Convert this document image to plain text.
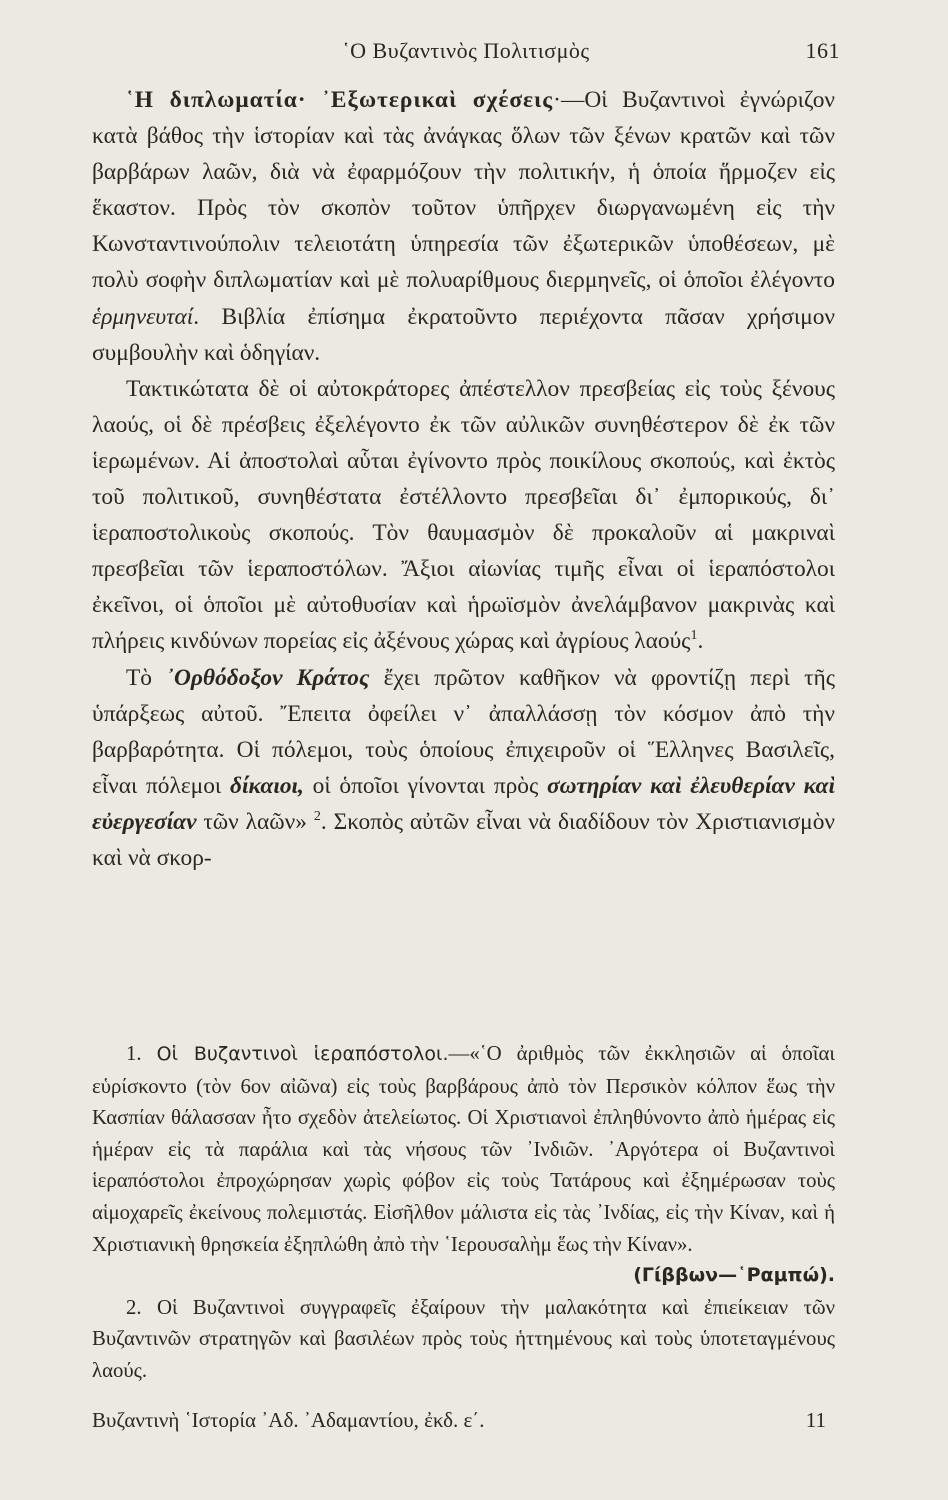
῾Ο Βυζαντινὸς Πολιτισμὸς	161

῾Η διπλωματία· ᾿Εξωτερικαὶ σχέσεις·—Οἱ Βυζαντινοὶ ἐγνώριζον κατὰ βάθος τὴν ἱστορίαν καὶ τὰς ἀνάγκας ὅλων τῶν ξένων κρατῶν καὶ τῶν βαρβάρων λαῶν, διὰ νὰ ἐφαρμόζουν τὴν πολιτικήν, ἡ ὁποία ἥρμοζεν εἰς ἕκαστον. Πρὸς τὸν σκοπὸν τοῦτον ὑπῆρχεν διωργανωμένη εἰς τὴν Κωνσταντινούπολιν τελειοτάτη ὑπηρεσία τῶν ἐξωτερικῶν ὑποθέσεων, μὲ πολὺ σοφὴν διπλωματίαν καὶ μὲ πολυαρίθμους διερμηνεῖς, οἱ ὁποῖοι ἐλέγοντο ἑρμηνευταί. Βιβλία ἐπίσημα ἐκρατοῦντο περιέχοντα πᾶσαν χρήσιμον συμβουλὴν καὶ ὁδηγίαν.

Τακτικώτατα δὲ οἱ αὐτοκράτορες ἀπέστελλον πρεσβείας εἰς τοὺς ξένους λαούς, οἱ δὲ πρέσβεις ἐξελέγοντο ἐκ τῶν αὐλικῶν συνηθέστερον δὲ ἐκ τῶν ἱερωμένων. Αἱ ἀποστολαὶ αὗται ἐγίνοντο πρὸς ποικίλους σκοπούς, καὶ ἐκτὸς τοῦ πολιτικοῦ, συνηθέστατα ἐστέλλοντο πρεσβεῖαι δι᾿ ἐμπορικούς, δι᾿ ἱεραποστολικοὺς σκοπούς. Τὸν θαυμασμὸν δὲ προκαλοῦν αἱ μακριναὶ πρεσβεῖαι τῶν ἱεραποστόλων. Ἄξιοι αἰωνίας τιμῆς εἶναι οἱ ἱεραπόστολοι ἐκεῖνοι, οἱ ὁποῖοι μὲ αὐτοθυσίαν καὶ ἡρωϊσμὸν ἀνελάμβανον μακρινὰς καὶ πλήρεις κινδύνων πορείας εἰς ἀξένους χώρας καὶ ἀγρίους λαούς$^1$.

Τὸ ᾿Ορθόδοξον Κράτος ἔχει πρῶτον καθῆκον νὰ φροντίζῃ περὶ τῆς ὑπάρξεως αὐτοῦ. Ἔπειτα ὀφείλει ν᾿ ἀπαλλάσσῃ τὸν κόσμον ἀπὸ τὴν βαρβαρότητα. Οἱ πόλεμοι, τοὺς ὁποίους ἐπιχειροῦν οἱ Ἕλληνες Βασιλεῖς, εἶναι πόλεμοι δίκαιοι, οἱ ὁποῖοι γίνονται πρὸς σωτηρίαν καὶ ἐλευθερίαν καὶ εὐεργεσίαν τῶν λαῶν» $^2$. Σκοπὸς αὐτῶν εἶναι νὰ διαδίδουν τὸν Χριστιανισμὸν καὶ νὰ σκορ-

1. Οἱ Βυζαντινοὶ ἱεραπόστολοι.—«῾Ο ἀριθμὸς τῶν ἐκκλησιῶν αἱ ὁποῖαι εὑρίσκοντο (τὸν 6ον αἰῶνα) εἰς τοὺς βαρβάρους ἀπὸ τὸν Περσικὸν κόλπον ἕως τὴν Κασπίαν θάλασσαν ἦτο σχεδὸν ἀτελείωτος. Οἱ Χριστιανοὶ ἐπληθύνοντο ἀπὸ ἡμέρας εἰς ἡμέραν εἰς τὰ παράλια καὶ τὰς νήσους τῶν ᾿Ινδιῶν. ᾿Αργότερα οἱ Βυζαντινοὶ ἱεραπόστολοι ἐπροχώρησαν χωρὶς φόβον εἰς τοὺς Τατάρους καὶ ἐξημέρωσαν τοὺς αἱμοχαρεῖς ἐκείνους πολεμιστάς. Εἰσῆλθον μάλιστα εἰς τὰς ᾿Ινδίας, εἰς τὴν Κίναν, καὶ ἡ Χριστιανικὴ θρησκεία ἐξηπλώθη ἀπὸ τὴν ῾Ιερουσαλὴμ ἕως τὴν Κίναν».
(Γίββων—῾Ραμπώ).

2. Οἱ Βυζαντινοὶ συγγραφεῖς ἐξαίρουν τὴν μαλακότητα καὶ ἐπιείκειαν τῶν Βυζαντινῶν στρατηγῶν καὶ βασιλέων πρὸς τοὺς ἡττημένους καὶ τοὺς ὑποτεταγμένους λαούς.

Βυζαντινὴ ῾Ιστορία ᾿Αδ. ᾿Αδαμαντίου, ἐκδ. ε΄.	11
